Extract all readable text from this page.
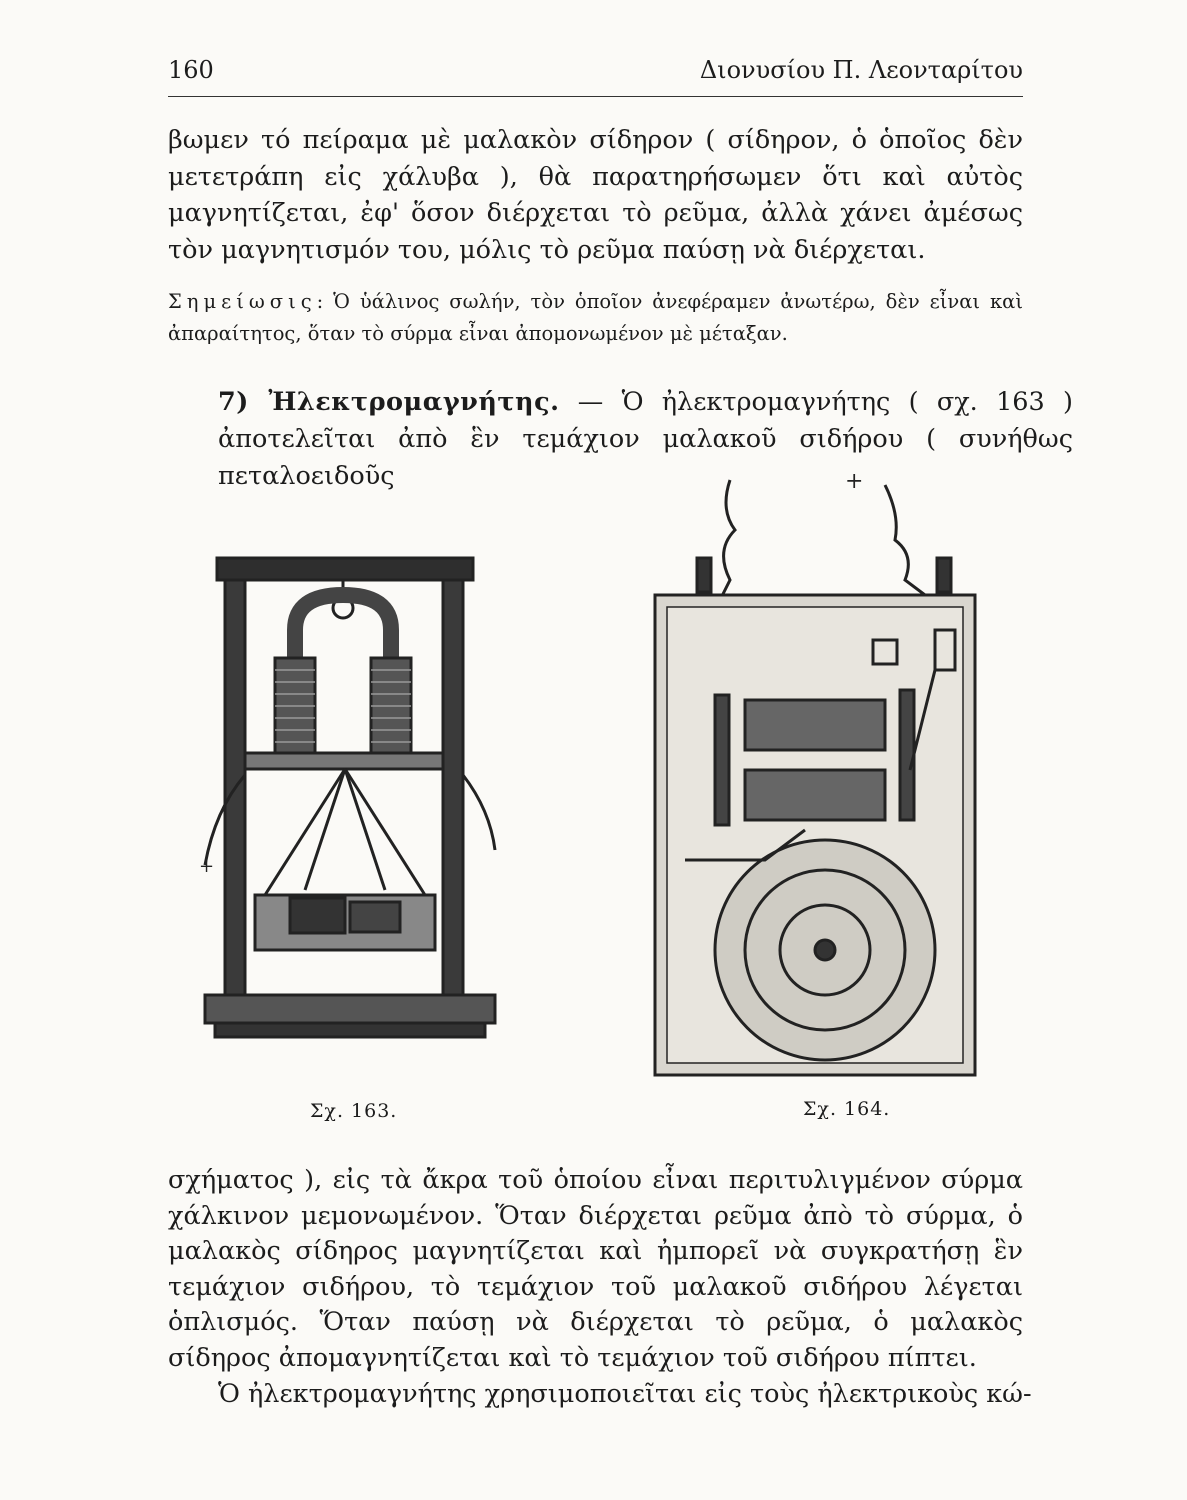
160	Διονυσίου Π. Λεονταρίτου

βωμεν τό πείραμα μὲ μαλακὸν σίδηρον ( σίδηρον, ὁ ὁποῖος δὲν μετετράπη εἰς χάλυβα ), θὰ παρατηρήσωμεν ὅτι καὶ αὐτὸς μαγνητίζεται, ἐφ' ὅσον διέρχεται τὸ ρεῦμα, ἀλλὰ χάνει ἀμέσως τὸν μαγνητισμόν του, μόλις τὸ ρεῦμα παύσῃ νὰ διέρχεται.

Σημείωσις: Ὁ ὑάλινος σωλήν, τὸν ὁποῖον ἀνεφέραμεν ἀνωτέρω, δὲν εἶναι καὶ ἀπαραίτητος, ὅταν τὸ σύρμα εἶναι ἀπομονωμένον μὲ μέταξαν.

7) Ἠλεκτρομαγνήτης. — Ὁ ἠλεκτρομαγνήτης ( σχ. 163 ) ἀποτελεῖται ἀπὸ ἓν τεμάχιον μαλακοῦ σιδήρου ( συνήθως πεταλοειδοῦς

+
Σχ. 163.
+
Σχ. 164.

σχήματος ), εἰς τὰ ἄκρα τοῦ ὁποίου εἶναι περιτυλιγμένον σύρμα χάλκινον μεμονωμένον. Ὅταν διέρχεται ρεῦμα ἀπὸ τὸ σύρμα, ὁ μαλακὸς σίδηρος μαγνητίζεται καὶ ἠμπορεῖ νὰ συγκρατήσῃ ἓν τεμάχιον σιδήρου, τὸ τεμάχιον τοῦ μαλακοῦ σιδήρου λέγεται ὁπλισμός. Ὅταν παύσῃ νὰ διέρχεται τὸ ρεῦμα, ὁ μαλακὸς σίδηρος ἀπομαγνητίζεται καὶ τὸ τεμάχιον τοῦ σιδήρου πίπτει.

Ὁ ἠλεκτρομαγνήτης χρησιμοποιεῖται εἰς τοὺς ἠλεκτρικοὺς κώ-
